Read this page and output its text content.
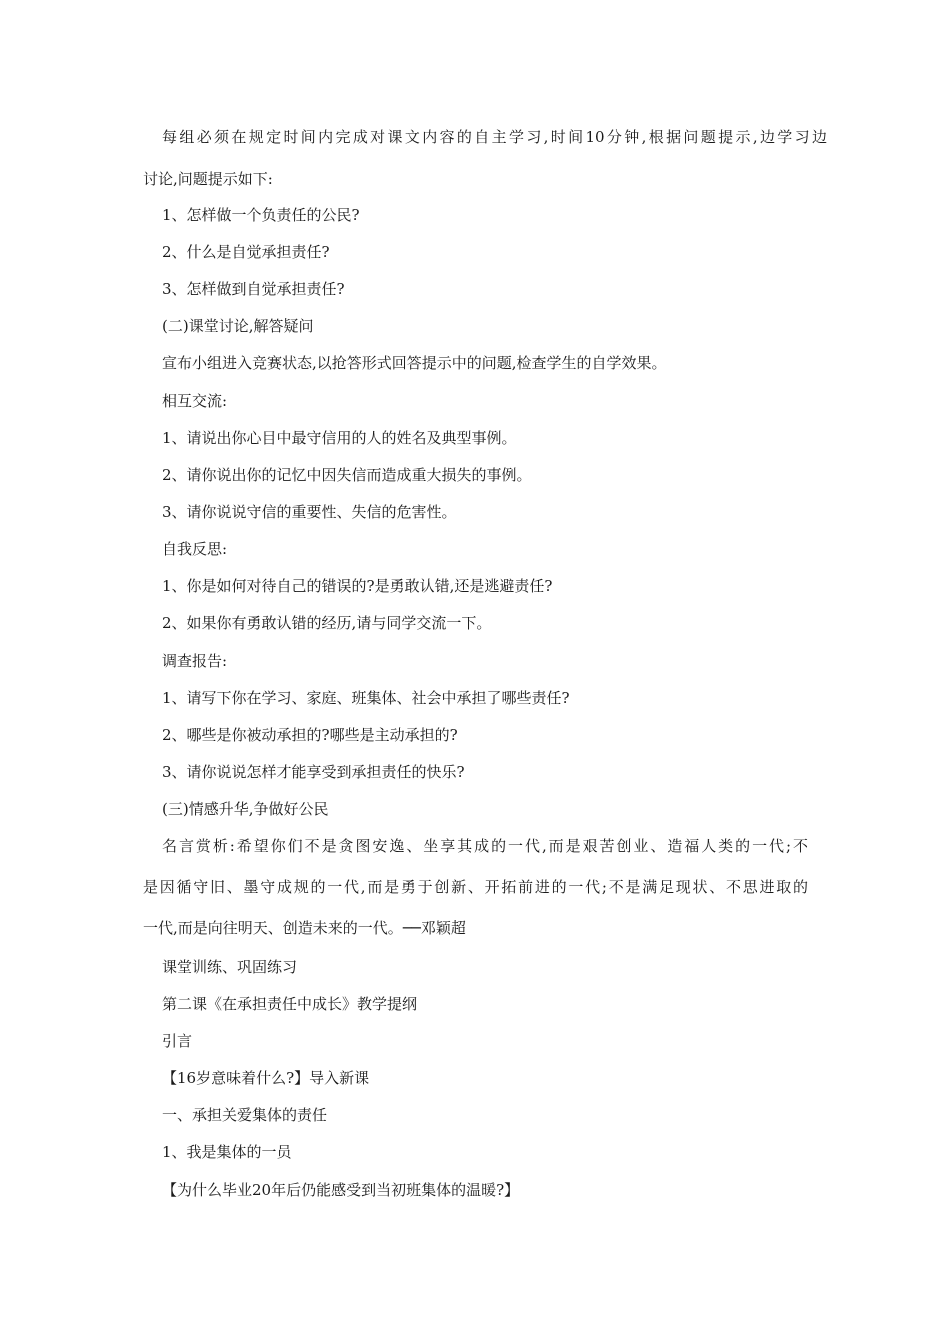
每组必须在规定时间内完成对课文内容的自主学习,时间10分钟,根据问题提示,边学习边
讨论,问题提示如下:
1、怎样做一个负责任的公民?
2、什么是自觉承担责任?
3、怎样做到自觉承担责任?
(二)课堂讨论,解答疑问
宣布小组进入竞赛状态,以抢答形式回答提示中的问题,检查学生的自学效果。
相互交流:
1、请说出你心目中最守信用的人的姓名及典型事例。
2、请你说出你的记忆中因失信而造成重大损失的事例。
3、请你说说守信的重要性、失信的危害性。
自我反思:
1、你是如何对待自己的错误的?是勇敢认错,还是逃避责任?
2、如果你有勇敢认错的经历,请与同学交流一下。
调查报告:
1、请写下你在学习、家庭、班集体、社会中承担了哪些责任?
2、哪些是你被动承担的?哪些是主动承担的?
3、请你说说怎样才能享受到承担责任的快乐?
(三)情感升华,争做好公民
名言赏析:希望你们不是贪图安逸、坐享其成的一代,而是艰苦创业、造福人类的一代;不
是因循守旧、墨守成规的一代,而是勇于创新、开拓前进的一代;不是满足现状、不思进取的
一代,而是向往明天、创造未来的一代。──邓颖超
课堂训练、巩固练习
第二课《在承担责任中成长》教学提纲
引言
【16岁意味着什么?】导入新课
一、承担关爱集体的责任
1、我是集体的一员
【为什么毕业20年后仍能感受到当初班集体的温暖?】
